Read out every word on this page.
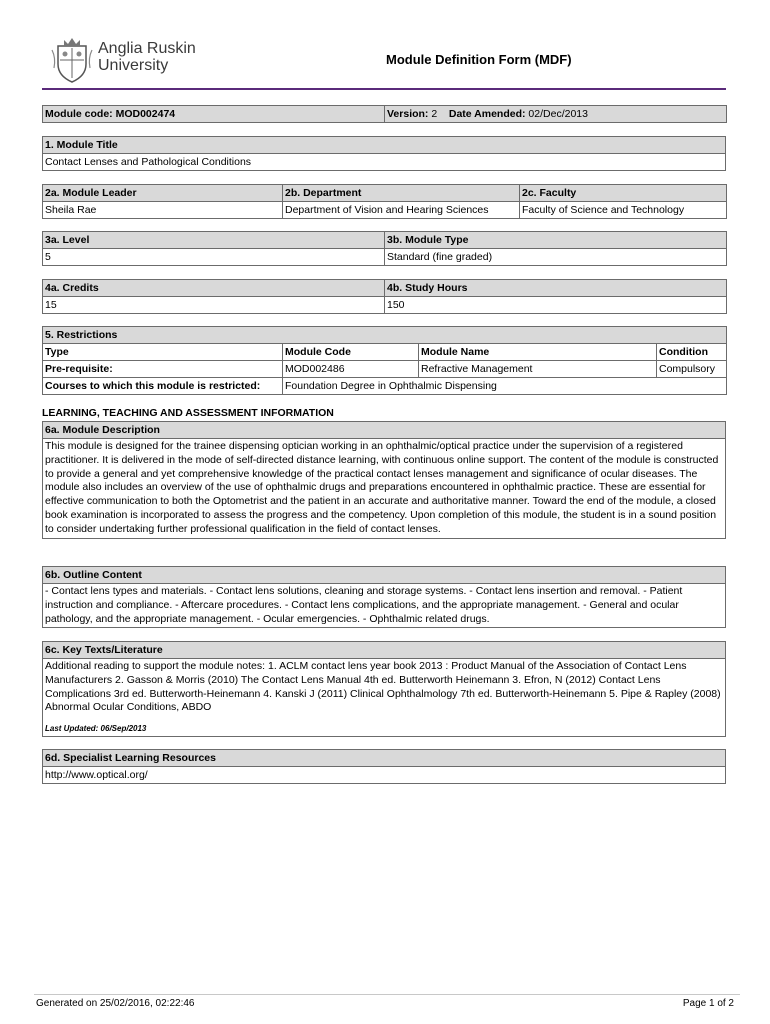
Anglia Ruskin
University	Module Definition Form (MDF)
Module code: MOD002474	Version: 2 Date Amended: 02/Dec/2013
1. Module Title
Contact Lenses and Pathological Conditions
2a. Module Leader	2b. Department	2c. Faculty
Sheila Rae	Department of Vision and Hearing Sciences	Faculty of Science and Technology
3a. Level	3b. Module Type
5	Standard (fine graded)
4a. Credits	4b. Study Hours
15	150
5. Restrictions			
Type	Module Code	Module Name	Condition
Pre-requisite:	MOD002486	Refractive Management	Compulsory
Courses to which this module is restricted:	Foundation Degree in Ophthalmic Dispensing		
LEARNING, TEACHING AND ASSESSMENT INFORMATION
6a. Module Description
This module is designed for the trainee dispensing optician working in an ophthalmic/optical practice under the supervision of a registered practitioner. It is delivered in the mode of self-directed distance learning, with continuous online support. The content of the module is constructed to provide a general and yet comprehensive knowledge of the practical contact lenses management and significance of ocular diseases. The module also includes an overview of the use of ophthalmic drugs and preparations encountered in ophthalmic practice. These are essential for effective communication to both the Optometrist and the patient in an accurate and authoritative manner. Toward the end of the module, a closed book examination is incorporated to assess the progress and the competency. Upon completion of this module, the student is in a sound position to consider undertaking further professional qualification in the field of contact lenses.
6b. Outline Content
- Contact lens types and materials. - Contact lens solutions, cleaning and storage systems. - Contact lens insertion and removal. - Patient instruction and compliance. - Aftercare procedures. - Contact lens complications, and the appropriate management. - General and ocular pathology, and the appropriate management. - Ocular emergencies. - Ophthalmic related drugs.
6c. Key Texts/Literature
Additional reading to support the module notes: 1. ACLM contact lens year book 2013 : Product Manual of the Association of Contact Lens Manufacturers 2. Gasson & Morris (2010) The Contact Lens Manual 4th ed. Butterworth Heinemann 3. Efron, N (2012) Contact Lens Complications 3rd ed. Butterworth-Heinemann 4. Kanski J (2011) Clinical Ophthalmology 7th ed. Butterworth-Heinemann 5. Pipe & Rapley (2008) Abnormal Ocular Conditions, ABDO
Last Updated: 06/Sep/2013
6d. Specialist Learning Resources
http://www.optical.org/
Generated on 25/02/2016, 02:22:46	Page 1 of 2
